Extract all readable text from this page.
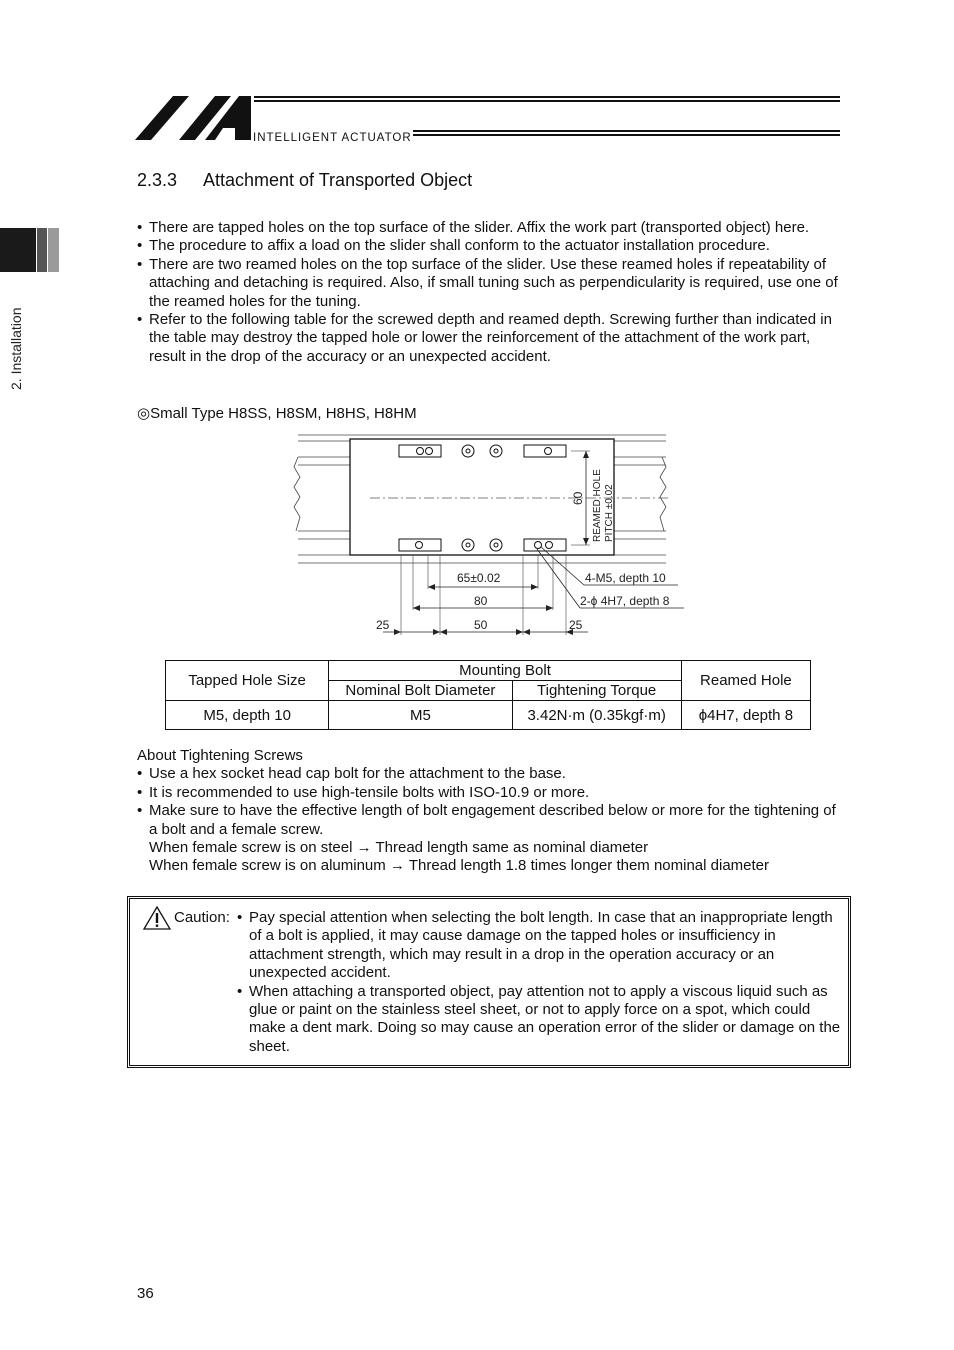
INTELLIGENT ACTUATOR
2. Installation
2.3.3 Attachment of Transported Object
• There are tapped holes on the top surface of the slider. Affix the work part (transported object) here.
• The procedure to affix a load on the slider shall conform to the actuator installation procedure.
• There are two reamed holes on the top surface of the slider. Use these reamed holes if repeatability of attaching and detaching is required. Also, if small tuning such as perpendicularity is required, use one of the reamed holes for the tuning.
• Refer to the following table for the screwed depth and reamed depth. Screwing further than indicated in the table may destroy the tapped hole or lower the reinforcement of the attachment of the work part, result in the drop of the accuracy or an unexpected accident.
◎Small Type H8SS, H8SM, H8HS, H8HM
60 REAMED HOLE PITCH ±0.02
65±0.02
80
50
25	25
4-M5, depth 10
2-ϕ 4H7, depth 8
Tapped Hole Size	Mounting Bolt		Reamed Hole
	Nominal Bolt Diameter	Tightening Torque	
M5, depth 10	M5	3.42N·m (0.35kgf·m)	ϕ4H7, depth 8

About Tightening Screws

• Use a hex socket head cap bolt for the attachment to the base.
• It is recommended to use high-tensile bolts with ISO-10.9 or more.
• Make sure to have the effective length of bolt engagement described below or more for the tightening of a bolt and a female screw.
When female screw is on steel → Thread length same as nominal diameter
When female screw is on aluminum → Thread length 1.8 times longer them nominal diameter
Caution:	• Pay special attention when selecting the bolt length. In case that an inappropriate length of a bolt is applied, it may cause damage on the tapped holes or insufficiency in attachment strength, which may result in a drop in the operation accuracy or an unexpected accident.
• When attaching a transported object, pay attention not to apply a viscous liquid such as glue or paint on the stainless steel sheet, or not to apply force on a spot, which could make a dent mark. Doing so may cause an operation error of the slider or damage on the sheet.
36
